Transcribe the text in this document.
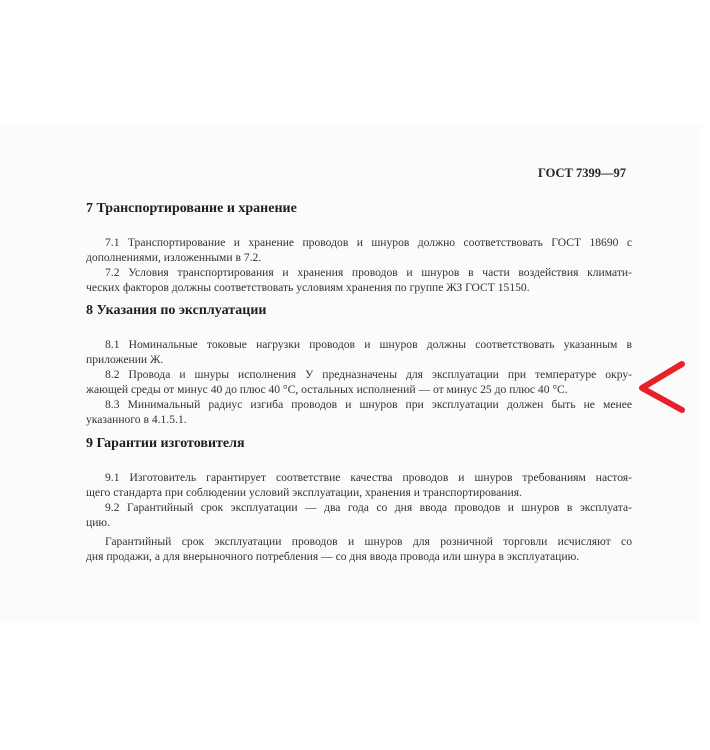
ГОСТ 7399—97
7 Транспортирование и хранение
7.1 Транспортирование и хранение проводов и шнуров должно соответствовать ГОСТ 18690 с
дополнениями, изложенными в 7.2.
7.2 Условия транспортирования и хранения проводов и шнуров в части воздействия климати-
ческих факторов должны соответствовать условиям хранения по группе ЖЗ ГОСТ 15150.
8 Указания по эксплуатации
8.1 Номинальные токовые нагрузки проводов и шнуров должны соответствовать указанным в
приложении Ж.
8.2 Провода и шнуры исполнения У предназначены для эксплуатации при температуре окру-
жающей среды от минус 40 до плюс 40 °С, остальных исполнений — от минус 25 до плюс 40 °С.
8.3 Минимальный радиус изгиба проводов и шнуров при эксплуатации должен быть не менее
указанного в 4.1.5.1.
9 Гарантии изготовителя
9.1 Изготовитель гарантирует соответствие качества проводов и шнуров требованиям настоя-
щего стандарта при соблюдении условий эксплуатации, хранения и транспортирования.
9.2 Гарантийный срок эксплуатации — два года со дня ввода проводов и шнуров в эксплуата-
цию.
Гарантийный срок эксплуатации проводов и шнуров для розничной торговли исчисляют со
дня продажи, а для внерыночного потребления — со дня ввода провода или шнура в эксплуатацию.
